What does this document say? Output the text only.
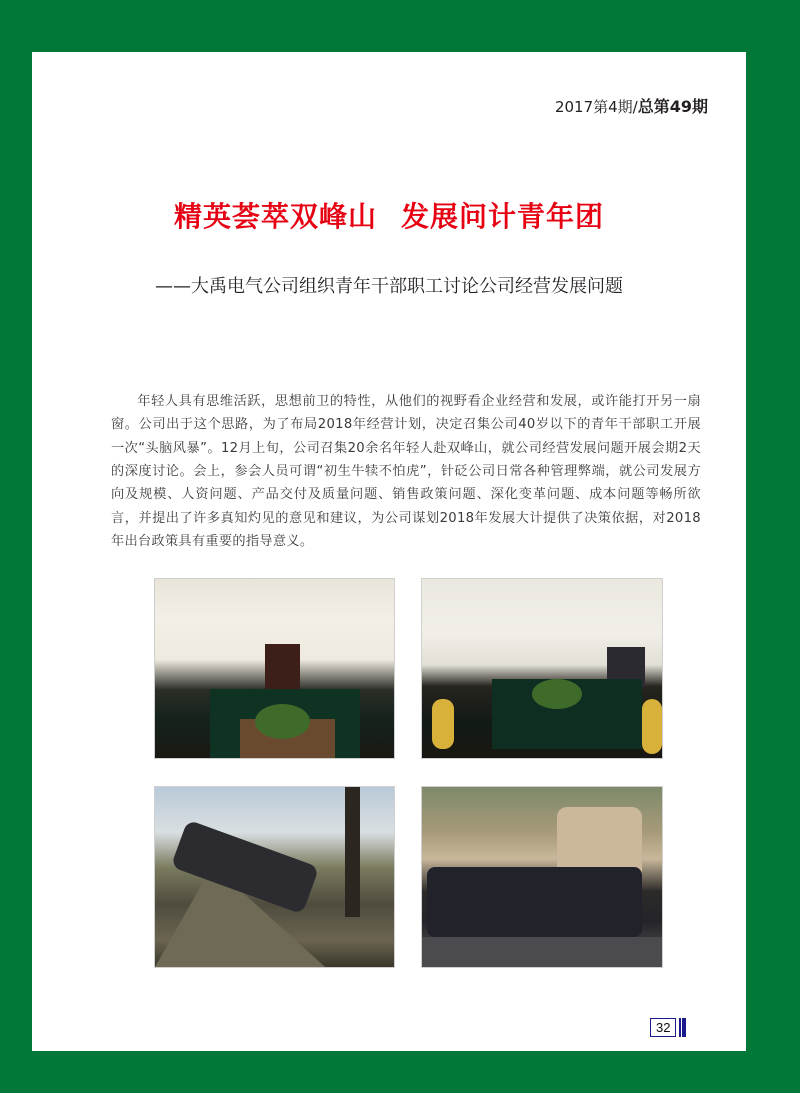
2017第4期/总第49期
精英荟萃双峰山 发展问计青年团
——大禹电气公司组织青年干部职工讨论公司经营发展问题

年轻人具有思维活跃，思想前卫的特性，从他们的视野看企业经营和发展，或许能打开另一扇窗。公司出于这个思路，为了布局2018年经营计划，决定召集公司40岁以下的青年干部职工开展一次“头脑风暴”。12月上旬，公司召集20余名年轻人赴双峰山，就公司经营发展问题开展会期2天的深度讨论。会上，参会人员可谓“初生牛犊不怕虎”，针砭公司日常各种管理弊端，就公司发展方向及规模、人资问题、产品交付及质量问题、销售政策问题、深化变革问题、成本问题等畅所欲言，并提出了许多真知灼见的意见和建议，为公司谋划2018年发展大计提供了决策依据，对2018年出台政策具有重要的指导意义。

32
